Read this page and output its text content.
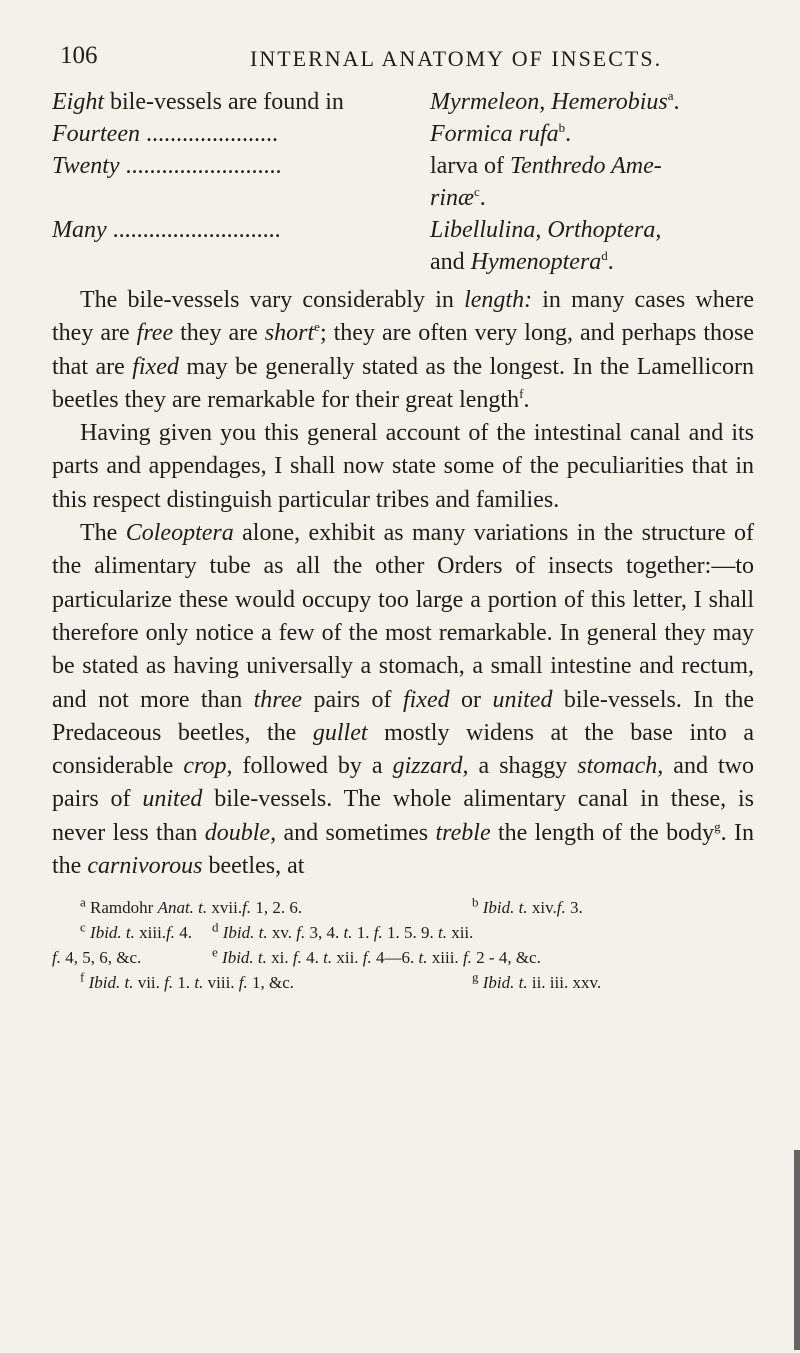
106	INTERNAL ANATOMY OF INSECTS.
Eight bile-vessels are found in	Myrmeleon, Hemerobius$^a$.
Fourteen ......................	Formica rufa$^b$.
Twenty ..........................	larva of Tenthredo Ame-
rinæ$^c$.
Many ............................	Libellulina, Orthoptera,
and Hymenoptera$^d$.

The bile-vessels vary considerably in length: in many cases where they are free they are short$^e$; they are often very long, and perhaps those that are fixed may be generally stated as the longest. In the Lamellicorn beetles they are remarkable for their great length$^f$.

Having given you this general account of the intestinal canal and its parts and appendages, I shall now state some of the peculiarities that in this respect distinguish particular tribes and families.

The Coleoptera alone, exhibit as many variations in the structure of the alimentary tube as all the other Orders of insects together:—to particularize these would occupy too large a portion of this letter, I shall therefore only notice a few of the most remarkable. In general they may be stated as having universally a stomach, a small intestine and rectum, and not more than three pairs of fixed or united bile-vessels. In the Predaceous beetles, the gullet mostly widens at the base into a considerable crop, followed by a gizzard, a shaggy stomach, and two pairs of united bile-vessels. The whole alimentary canal in these, is never less than double, and sometimes treble the length of the body$^g$. In the carnivorous beetles, at

$^a$ Ramdohr Anat. t. xvii.f. 1, 2. 6.	$^b$ Ibid. t. xiv.f. 3.
$^c$ Ibid. t. xiii.f. 4.	$^d$ Ibid. t. xv. f. 3, 4. t. 1. f. 1. 5. 9. t. xii.
f. 4, 5, 6, &c.	$^e$ Ibid. t. xi. f. 4. t. xii. f. 4—6. t. xiii. f. 2 - 4, &c.
$^f$ Ibid. t. vii. f. 1. t. viii. f. 1, &c.	$^g$ Ibid. t. ii. iii. xxv.
